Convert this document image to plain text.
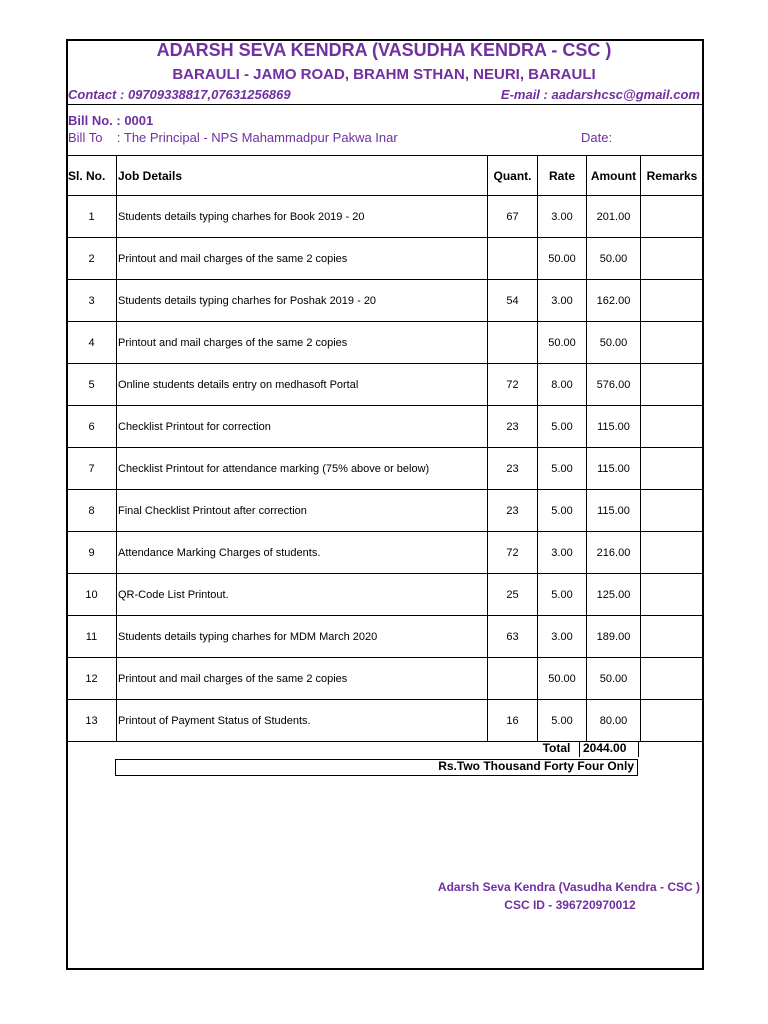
ADARSH SEVA KENDRA (VASUDHA KENDRA - CSC )
BARAULI - JAMO ROAD, BRAHM STHAN, NEURI, BARAULI
Contact : 09709338817,07631256869	E-mail : aadarshcsc@gmail.com
Bill No. : 0001
Bill To    : The Principal - NPS Mahammadpur Pakwa Inar	Date:
Sl. No.	Job Details	Quant.	Rate	Amount	Remarks
1	Students details typing charhes for Book 2019 - 20	67	3.00	201.00	
2	Printout and mail charges of the same 2 copies		50.00	50.00	
3	Students details typing charhes for Poshak 2019 - 20	54	3.00	162.00	
4	Printout and mail charges of the same 2 copies		50.00	50.00	
5	Online students details entry on medhasoft Portal	72	8.00	576.00	
6	Checklist Printout for correction	23	5.00	115.00	
7	Checklist Printout for attendance marking (75% above or below)	23	5.00	115.00	
8	Final Checklist Printout after correction	23	5.00	115.00	
9	Attendance Marking Charges of students.	72	3.00	216.00	
10	QR-Code List Printout.	25	5.00	125.00	
11	Students details typing charhes for MDM March 2020	63	3.00	189.00	
12	Printout and mail charges of the same 2 copies		50.00	50.00	
13	Printout of Payment Status of Students.	16	5.00	80.00	
Total	2044.00
Rs.Two Thousand Forty Four Only
Adarsh Seva Kendra (Vasudha Kendra - CSC )
CSC ID - 396720970012
